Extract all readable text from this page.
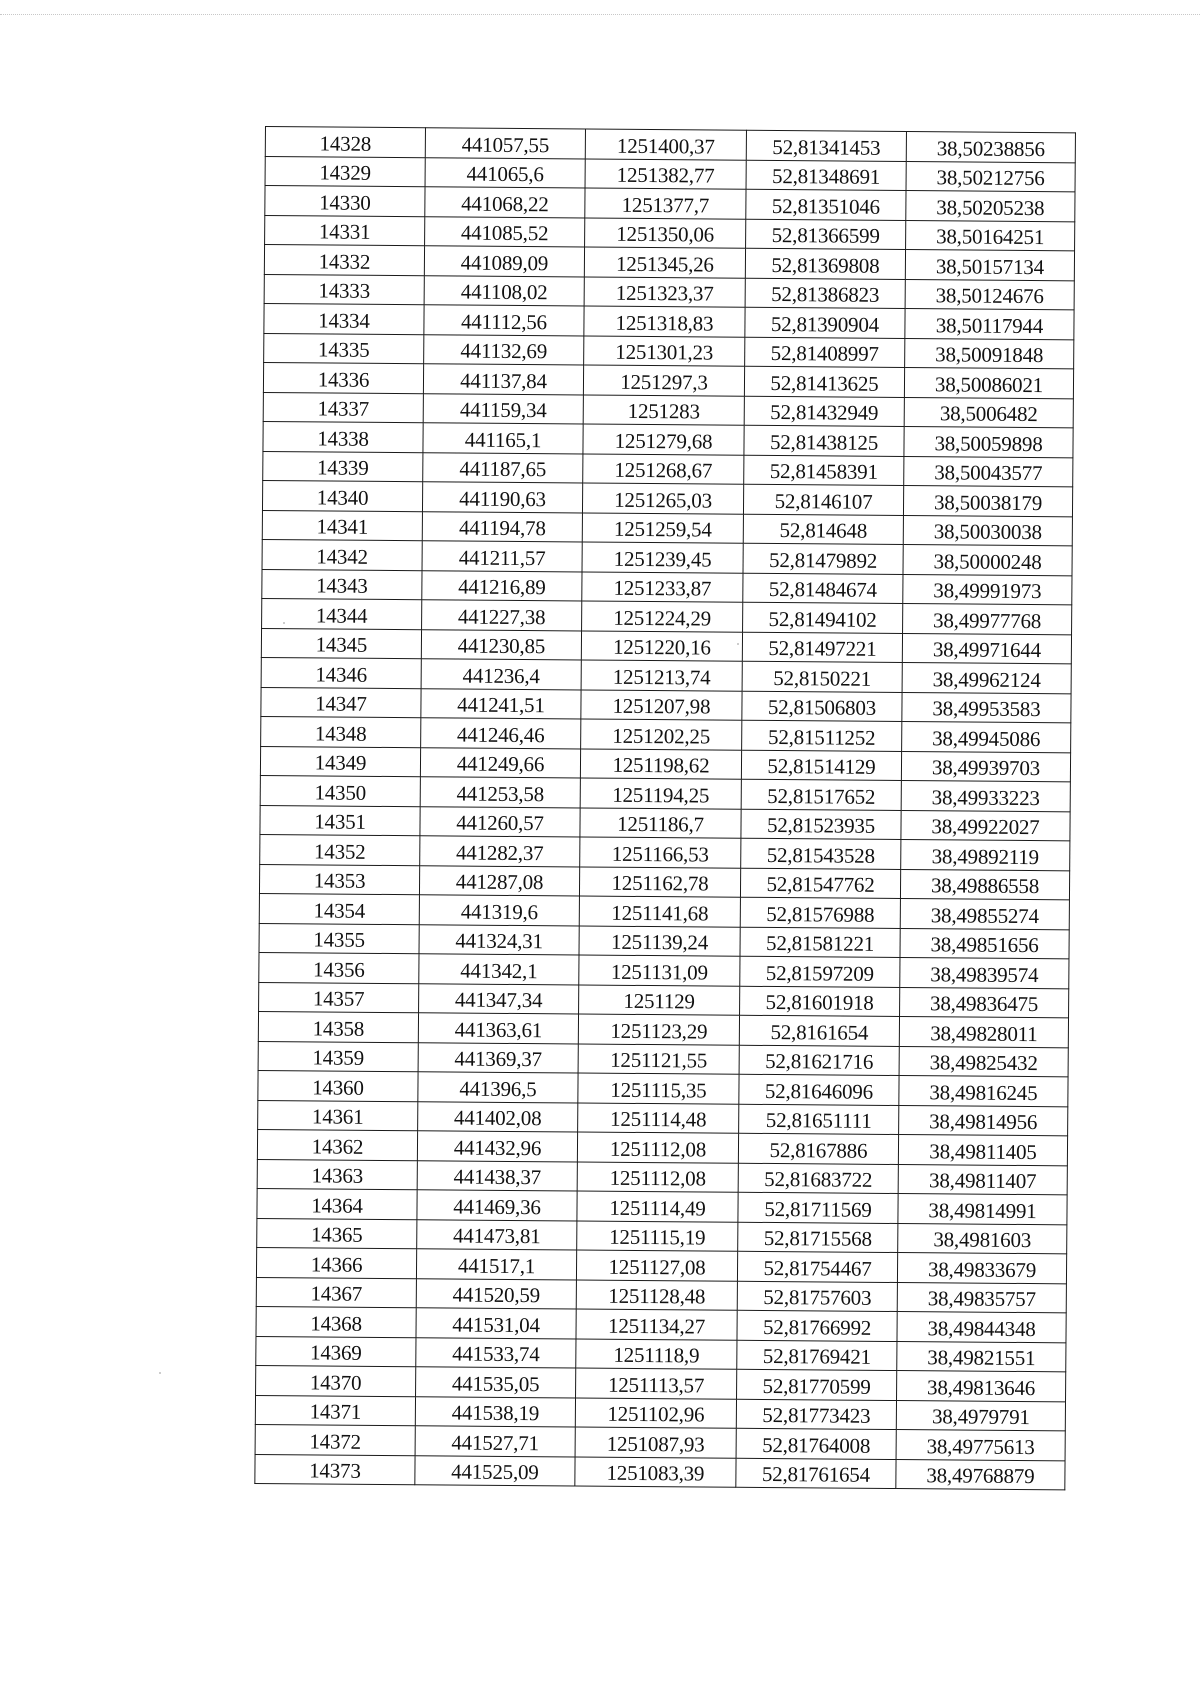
14328	441057,55	1251400,37	52,81341453	38,50238856
14329	441065,6	1251382,77	52,81348691	38,50212756
14330	441068,22	1251377,7	52,81351046	38,50205238
14331	441085,52	1251350,06	52,81366599	38,50164251
14332	441089,09	1251345,26	52,81369808	38,50157134
14333	441108,02	1251323,37	52,81386823	38,50124676
14334	441112,56	1251318,83	52,81390904	38,50117944
14335	441132,69	1251301,23	52,81408997	38,50091848
14336	441137,84	1251297,3	52,81413625	38,50086021
14337	441159,34	1251283	52,81432949	38,5006482
14338	441165,1	1251279,68	52,81438125	38,50059898
14339	441187,65	1251268,67	52,81458391	38,50043577
14340	441190,63	1251265,03	52,8146107	38,50038179
14341	441194,78	1251259,54	52,814648	38,50030038
14342	441211,57	1251239,45	52,81479892	38,50000248
14343	441216,89	1251233,87	52,81484674	38,49991973
14344	441227,38	1251224,29	52,81494102	38,49977768
14345	441230,85	1251220,16	52,81497221	38,49971644
14346	441236,4	1251213,74	52,8150221	38,49962124
14347	441241,51	1251207,98	52,81506803	38,49953583
14348	441246,46	1251202,25	52,81511252	38,49945086
14349	441249,66	1251198,62	52,81514129	38,49939703
14350	441253,58	1251194,25	52,81517652	38,49933223
14351	441260,57	1251186,7	52,81523935	38,49922027
14352	441282,37	1251166,53	52,81543528	38,49892119
14353	441287,08	1251162,78	52,81547762	38,49886558
14354	441319,6	1251141,68	52,81576988	38,49855274
14355	441324,31	1251139,24	52,81581221	38,49851656
14356	441342,1	1251131,09	52,81597209	38,49839574
14357	441347,34	1251129	52,81601918	38,49836475
14358	441363,61	1251123,29	52,8161654	38,49828011
14359	441369,37	1251121,55	52,81621716	38,49825432
14360	441396,5	1251115,35	52,81646096	38,49816245
14361	441402,08	1251114,48	52,81651111	38,49814956
14362	441432,96	1251112,08	52,8167886	38,49811405
14363	441438,37	1251112,08	52,81683722	38,49811407
14364	441469,36	1251114,49	52,81711569	38,49814991
14365	441473,81	1251115,19	52,81715568	38,4981603
14366	441517,1	1251127,08	52,81754467	38,49833679
14367	441520,59	1251128,48	52,81757603	38,49835757
14368	441531,04	1251134,27	52,81766992	38,49844348
14369	441533,74	1251118,9	52,81769421	38,49821551
14370	441535,05	1251113,57	52,81770599	38,49813646
14371	441538,19	1251102,96	52,81773423	38,4979791
14372	441527,71	1251087,93	52,81764008	38,49775613
14373	441525,09	1251083,39	52,81761654	38,49768879
